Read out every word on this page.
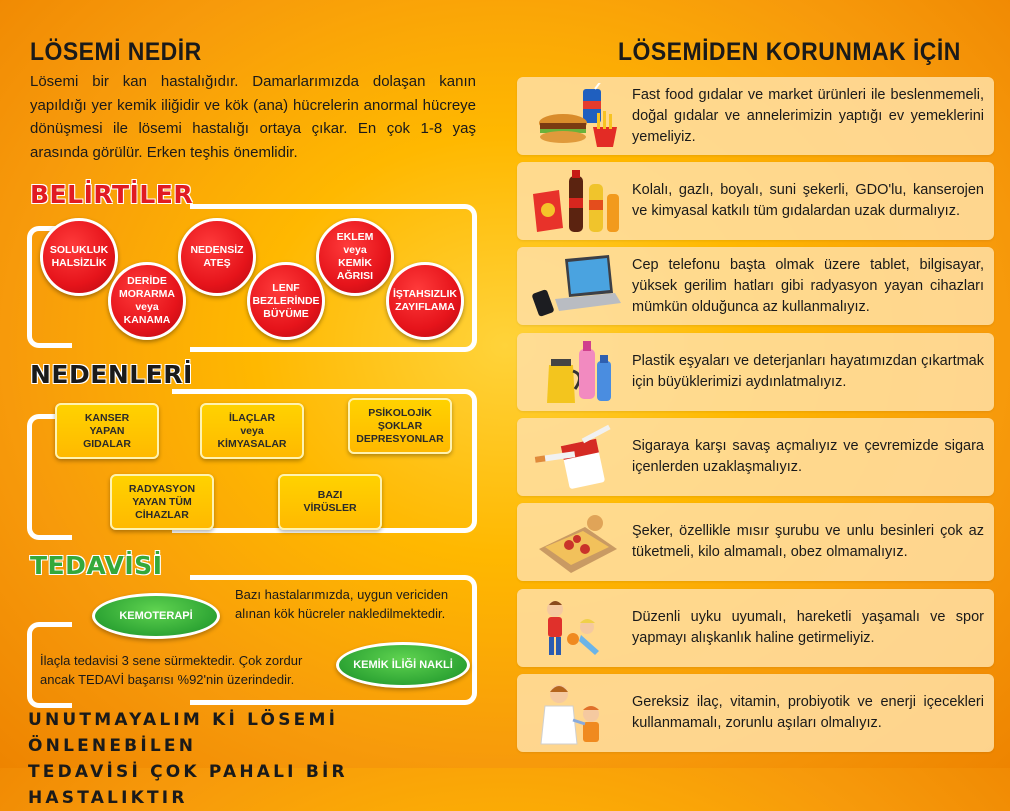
LÖSEMİ NEDİR
Lösemi bir kan hastalığıdır. Damarlarımızda dolaşan kanın yapıldığı yer kemik iliğidir ve kök (ana) hücrelerin anormal hücreye dönüşmesi ile lösemi hastalığı ortaya çıkar. En çok 1-8 yaş arasında görülür. Erken teşhis önemlidir.
BELİRTİLER
SOLUKLUK
HALSİZLİK
DERİDE
MORARMA
veya
KANAMA
NEDENSİZ
ATEŞ
LENF
BEZLERİNDE
BÜYÜME
EKLEM
veya
KEMİK
AĞRISI
İŞTAHSIZLIK
ZAYIFLAMA
NEDENLERİ
KANSER
YAPAN
GIDALAR
İLAÇLAR
veya
KİMYASALAR
PSİKOLOJİK
ŞOKLAR
DEPRESYONLAR
RADYASYON
YAYAN TÜM
CİHAZLAR
BAZI
VİRÜSLER
TEDAVİSİ
KEMOTERAPİ
KEMİK İLİĞİ NAKLİ
Bazı hastalarımızda, uygun vericiden alınan kök hücreler nakledilmektedir.
İlaçla tedavisi 3 sene sürmektedir. Çok zordur ancak TEDAVİ başarısı %92'nin üzerindedir.
UNUTMAYALIM Kİ LÖSEMİ ÖNLENEBİLEN
TEDAVİSİ ÇOK PAHALI BİR HASTALIKTIR
LÖSEMİDEN KORUNMAK İÇİN
Fast food gıdalar ve market ürünleri ile beslenmemeli, doğal gıdalar ve annelerimizin yaptığı ev yemeklerini yemeliyiz.
Kolalı, gazlı, boyalı, suni şekerli, GDO'lu, kanserojen ve kimyasal katkılı tüm gıdalardan uzak durmalıyız.
Cep telefonu başta olmak üzere tablet, bilgisayar, yüksek gerilim hatları gibi radyasyon yayan cihazları mümkün olduğunca az kullanmalıyız.
Plastik eşyaları ve deterjanları hayatımızdan çıkartmak için büyüklerimizi aydınlatmalıyız.
Sigaraya karşı savaş açmalıyız ve çevremizde sigara içenlerden uzaklaşmalıyız.
Şeker, özellikle mısır şurubu ve unlu besinleri çok az tüketmeli, kilo almamalı, obez olmamalıyız.
Düzenli uyku uyumalı, hareketli yaşamalı ve spor yapmayı alışkanlık haline getirmeliyiz.
Gereksiz ilaç, vitamin, probiyotik ve enerji içecekleri kullanmamalı, zorunlu aşıları olmalıyız.
